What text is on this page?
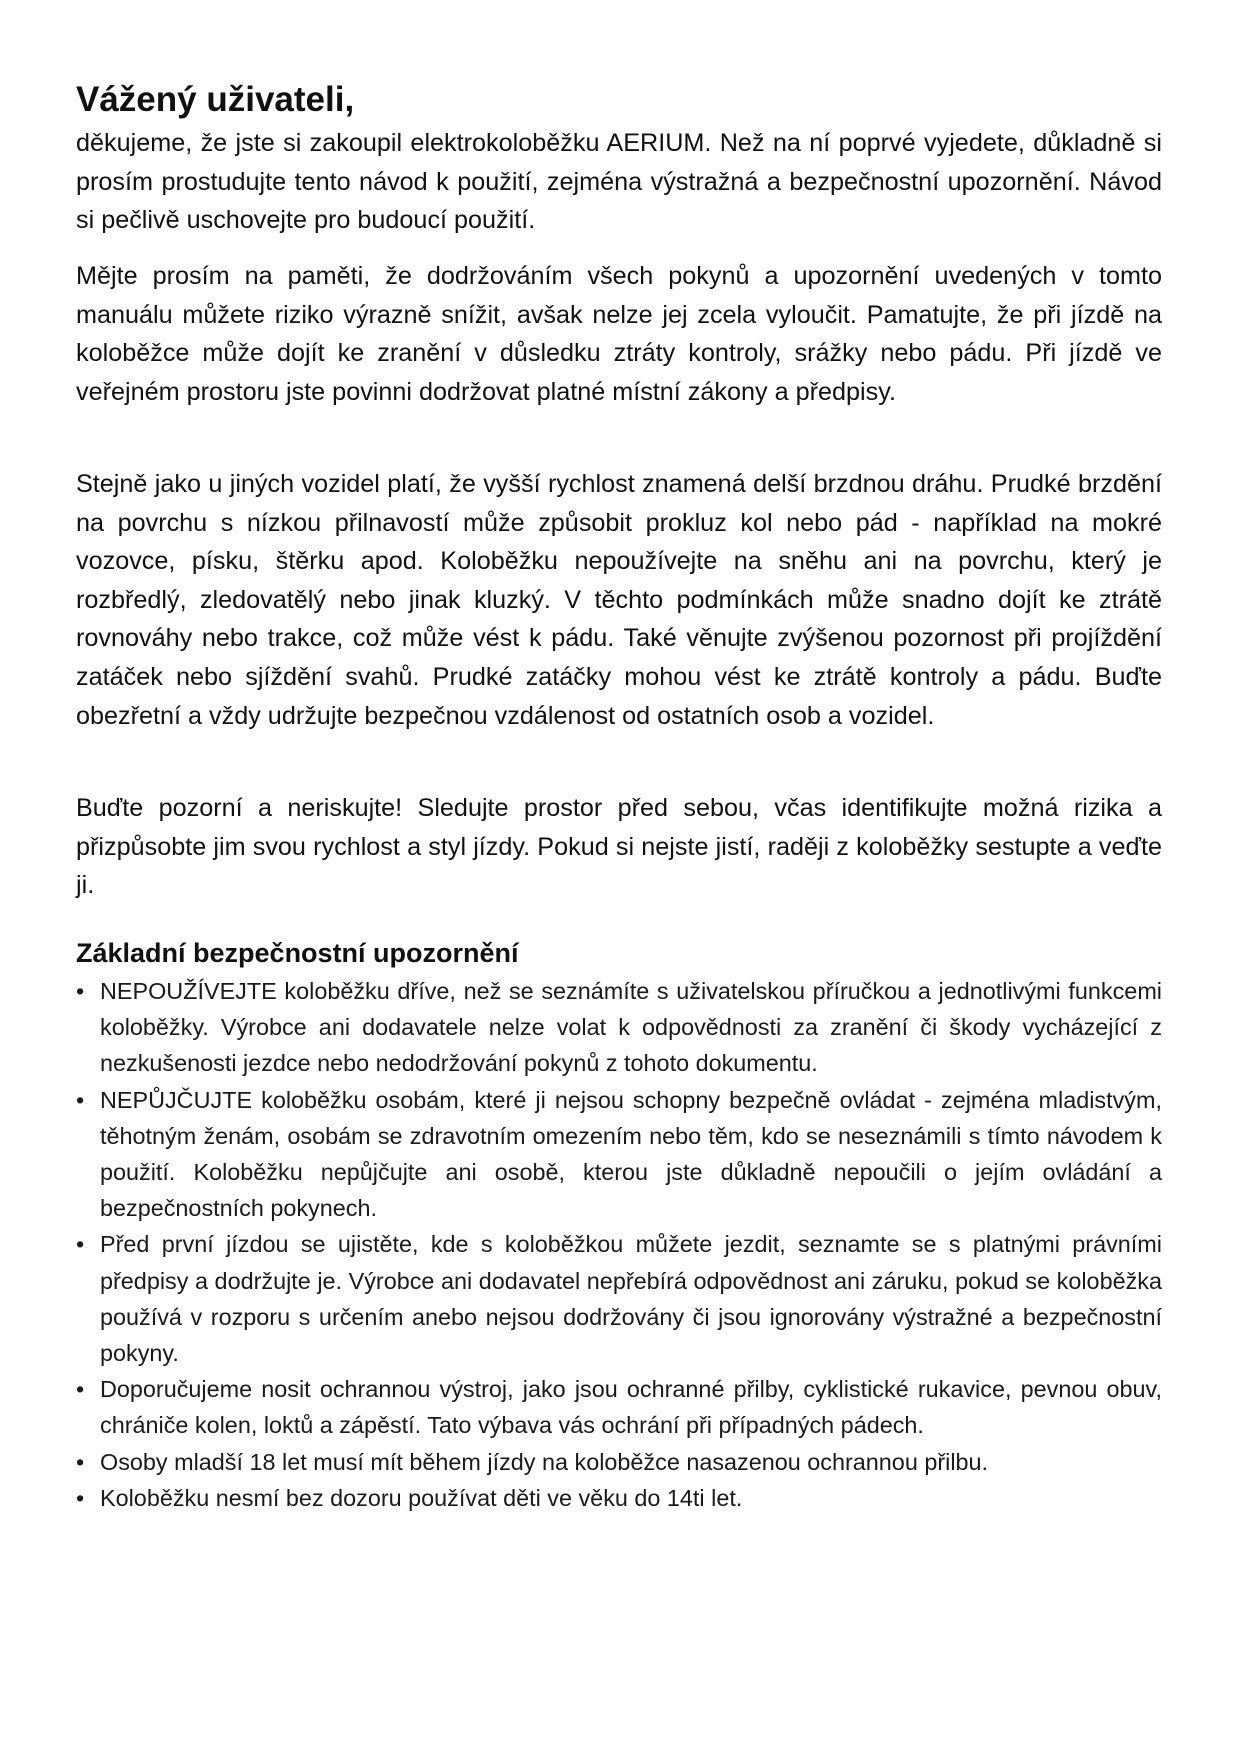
Vážený uživateli,

děkujeme, že jste si zakoupil elektrokoloběžku AERIUM. Než na ní poprvé vyjedete, důkladně si prosím prostudujte tento návod k použití, zejména výstražná a bezpečnostní upozornění. Návod si pečlivě uschovejte pro budoucí použití.

Mějte prosím na paměti, že dodržováním všech pokynů a upozornění uvedených v tomto manuálu můžete riziko výrazně snížit, avšak nelze jej zcela vyloučit. Pamatujte, že při jízdě na koloběžce může dojít ke zranění v důsledku ztráty kontroly, srážky nebo pádu. Při jízdě ve veřejném prostoru jste povinni dodržovat platné místní zákony a předpisy.

Stejně jako u jiných vozidel platí, že vyšší rychlost znamená delší brzdnou dráhu. Prudké brzdění na povrchu s nízkou přilnavostí může způsobit prokluz kol nebo pád - například na mokré vozovce, písku, štěrku apod. Koloběžku nepoužívejte na sněhu ani na povrchu, který je rozbředlý, zledovatělý nebo jinak kluzký. V těchto podmínkách může snadno dojít ke ztrátě rovnováhy nebo trakce, což může vést k pádu. Také věnujte zvýšenou pozornost při projíždění zatáček nebo sjíždění svahů. Prudké zatáčky mohou vést ke ztrátě kontroly a pádu. Buďte obezřetní a vždy udržujte bezpečnou vzdálenost od ostatních osob a vozidel.

Buďte pozorní a neriskujte! Sledujte prostor před sebou, včas identifikujte možná rizika a přizpůsobte jim svou rychlost a styl jízdy. Pokud si nejste jistí, raději z koloběžky sestupte a veďte ji.

Základní bezpečnostní upozornění
• NEPOUŽÍVEJTE koloběžku dříve, než se seznámíte s uživatelskou příručkou a jednotlivými funkcemi koloběžky. Výrobce ani dodavatele nelze volat k odpovědnosti za zranění či škody vycházející z nezkušenosti jezdce nebo nedodržování pokynů z tohoto dokumentu.
• NEPŮJČUJTE koloběžku osobám, které ji nejsou schopny bezpečně ovládat - zejména mladistvým, těhotným ženám, osobám se zdravotním omezením nebo těm, kdo se neseznámili s tímto návodem k použití. Koloběžku nepůjčujte ani osobě, kterou jste důkladně nepoučili o jejím ovládání a bezpečnostních pokynech.
• Před první jízdou se ujistěte, kde s koloběžkou můžete jezdit, seznamte se s platnými právními předpisy a dodržujte je. Výrobce ani dodavatel nepřebírá odpovědnost ani záruku, pokud se koloběžka používá v rozporu s určením anebo nejsou dodržovány či jsou ignorovány výstražné a bezpečnostní pokyny.
• Doporučujeme nosit ochrannou výstroj, jako jsou ochranné přilby, cyklistické rukavice, pevnou obuv, chrániče kolen, loktů a zápěstí. Tato výbava vás ochrání při případných pádech.
• Osoby mladší 18 let musí mít během jízdy na koloběžce nasazenou ochrannou přilbu.
• Koloběžku nesmí bez dozoru používat děti ve věku do 14ti let.
